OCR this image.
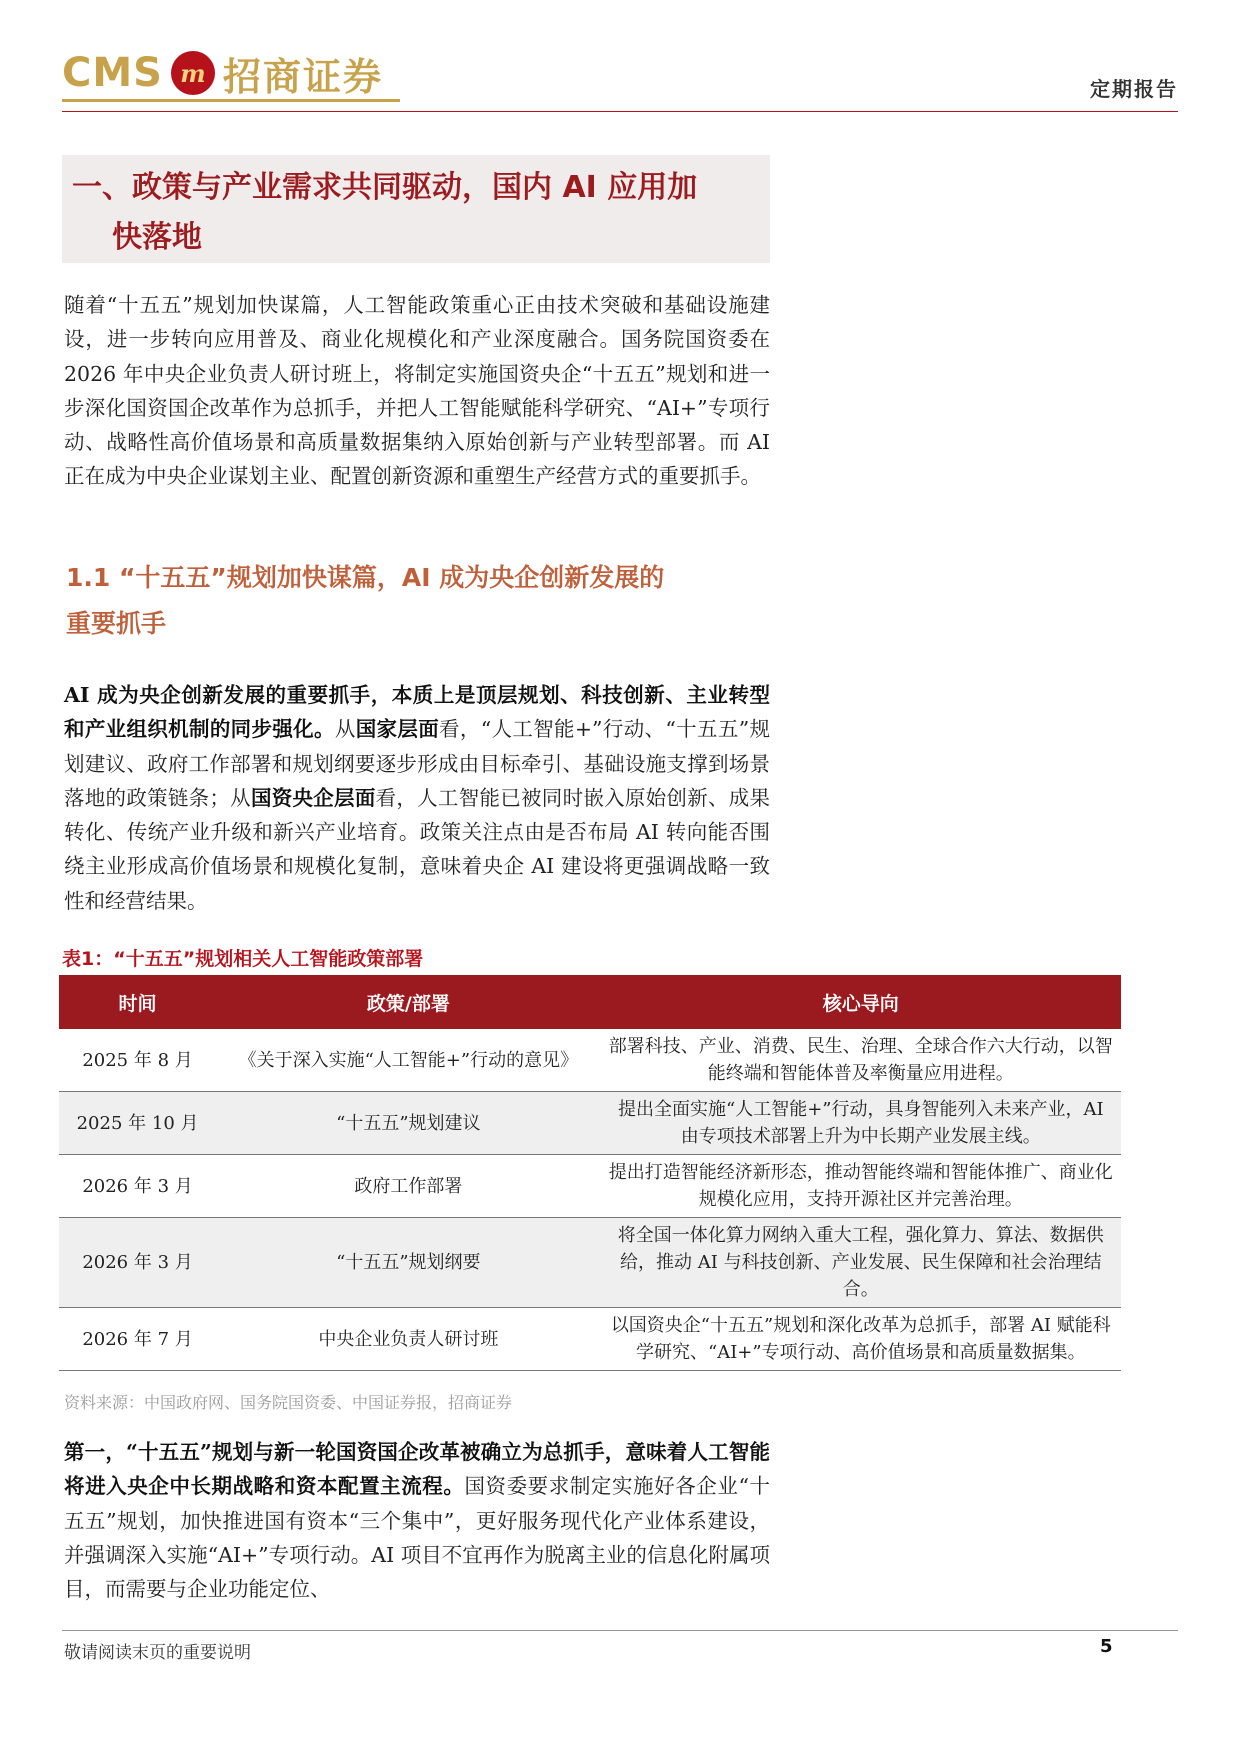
CMS m 招商证券	定期报告
一、政策与产业需求共同驱动，国内 AI 应用加
快落地
随着“十五五”规划加快谋篇，人工智能政策重心正由技术突破和基础设施建设，进一步转向应用普及、商业化规模化和产业深度融合。国务院国资委在 2026 年中央企业负责人研讨班上，将制定实施国资央企“十五五”规划和进一步深化国资国企改革作为总抓手，并把人工智能赋能科学研究、“AI+”专项行动、战略性高价值场景和高质量数据集纳入原始创新与产业转型部署。而 AI 正在成为中央企业谋划主业、配置创新资源和重塑生产经营方式的重要抓手。
1.1 “十五五”规划加快谋篇，AI 成为央企创新发展的
重要抓手
AI 成为央企创新发展的重要抓手，本质上是顶层规划、科技创新、主业转型和产业组织机制的同步强化。从国家层面看，“人工智能+”行动、“十五五”规划建议、政府工作部署和规划纲要逐步形成由目标牵引、基础设施支撑到场景落地的政策链条；从国资央企层面看，人工智能已被同时嵌入原始创新、成果转化、传统产业升级和新兴产业培育。政策关注点由是否布局 AI 转向能否围绕主业形成高价值场景和规模化复制，意味着央企 AI 建设将更强调战略一致性和经营结果。
表1：“十五五”规划相关人工智能政策部署
时间	政策/部署	核心导向
2025 年 8 月	《关于深入实施“人工智能+”行动的意见》	部署科技、产业、消费、民生、治理、全球合作六大行动，以智能终端和智能体普及率衡量应用进程。
2025 年 10 月	“十五五”规划建议	提出全面实施“人工智能+”行动，具身智能列入未来产业，AI 由专项技术部署上升为中长期产业发展主线。
2026 年 3 月	政府工作部署	提出打造智能经济新形态，推动智能终端和智能体推广、商业化规模化应用，支持开源社区并完善治理。
2026 年 3 月	“十五五”规划纲要	将全国一体化算力网纳入重大工程，强化算力、算法、数据供给，推动 AI 与科技创新、产业发展、民生保障和社会治理结合。
2026 年 7 月	中央企业负责人研讨班	以国资央企“十五五”规划和深化改革为总抓手，部署 AI 赋能科学研究、“AI+”专项行动、高价值场景和高质量数据集。
资料来源：中国政府网、国务院国资委、中国证券报，招商证券
第一，“十五五”规划与新一轮国资国企改革被确立为总抓手，意味着人工智能将进入央企中长期战略和资本配置主流程。国资委要求制定实施好各企业“十五五”规划，加快推进国有资本“三个集中”，更好服务现代化产业体系建设，并强调深入实施“AI+”专项行动。AI 项目不宜再作为脱离主业的信息化附属项目，而需要与企业功能定位、
敬请阅读末页的重要说明	5
